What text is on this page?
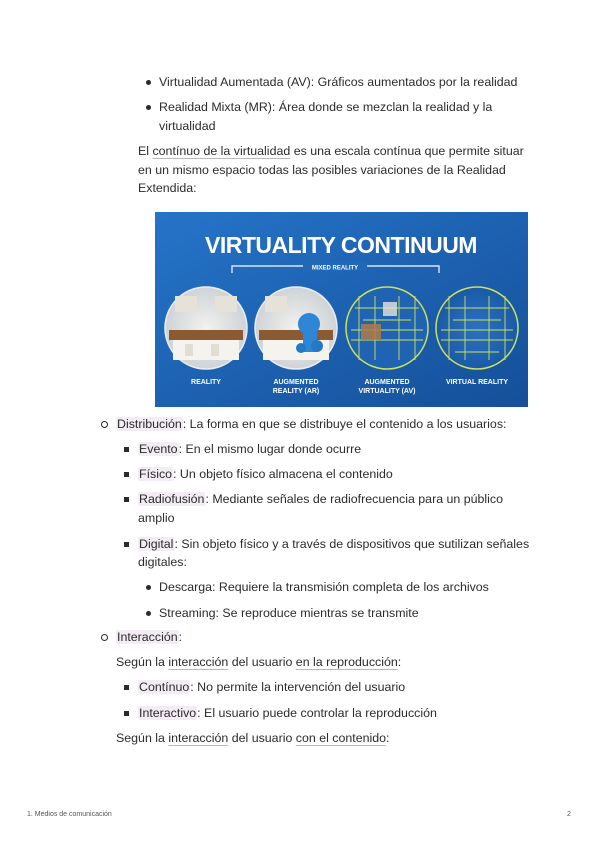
Virtualidad Aumentada (AV): Gráficos aumentados por la realidad
Realidad Mixta (MR): Área donde se mezclan la realidad y la
virtualidad
El contínuo de la virtualidad es una escala contínua que permite situar
en un mismo espacio todas las posibles variaciones de la Realidad
Extendida:
VIRTUALITY CONTINUUM
MIXED REALITY
REALITY	AUGMENTED
REALITY (AR)
AUGMENTED
VIRTUALITY (AV)
VIRTUAL REALITY
Distribución: La forma en que se distribuye el contenido a los usuarios:
Evento: En el mismo lugar donde ocurre
Físico: Un objeto físico almacena el contenido
Radiofusión: Mediante señales de radiofrecuencia para un público
amplio
Digital: Sin objeto físico y a través de dispositivos que sutilizan señales
digitales:
Descarga: Requiere la transmisión completa de los archivos
Streaming: Se reproduce mientras se transmite
Interacción:
Según la interacción del usuario en la reproducción:
Contínuo: No permite la intervención del usuario
Interactivo: El usuario puede controlar la reproducción
Según la interacción del usuario con el contenido:
1. Medios de comunicación	2
